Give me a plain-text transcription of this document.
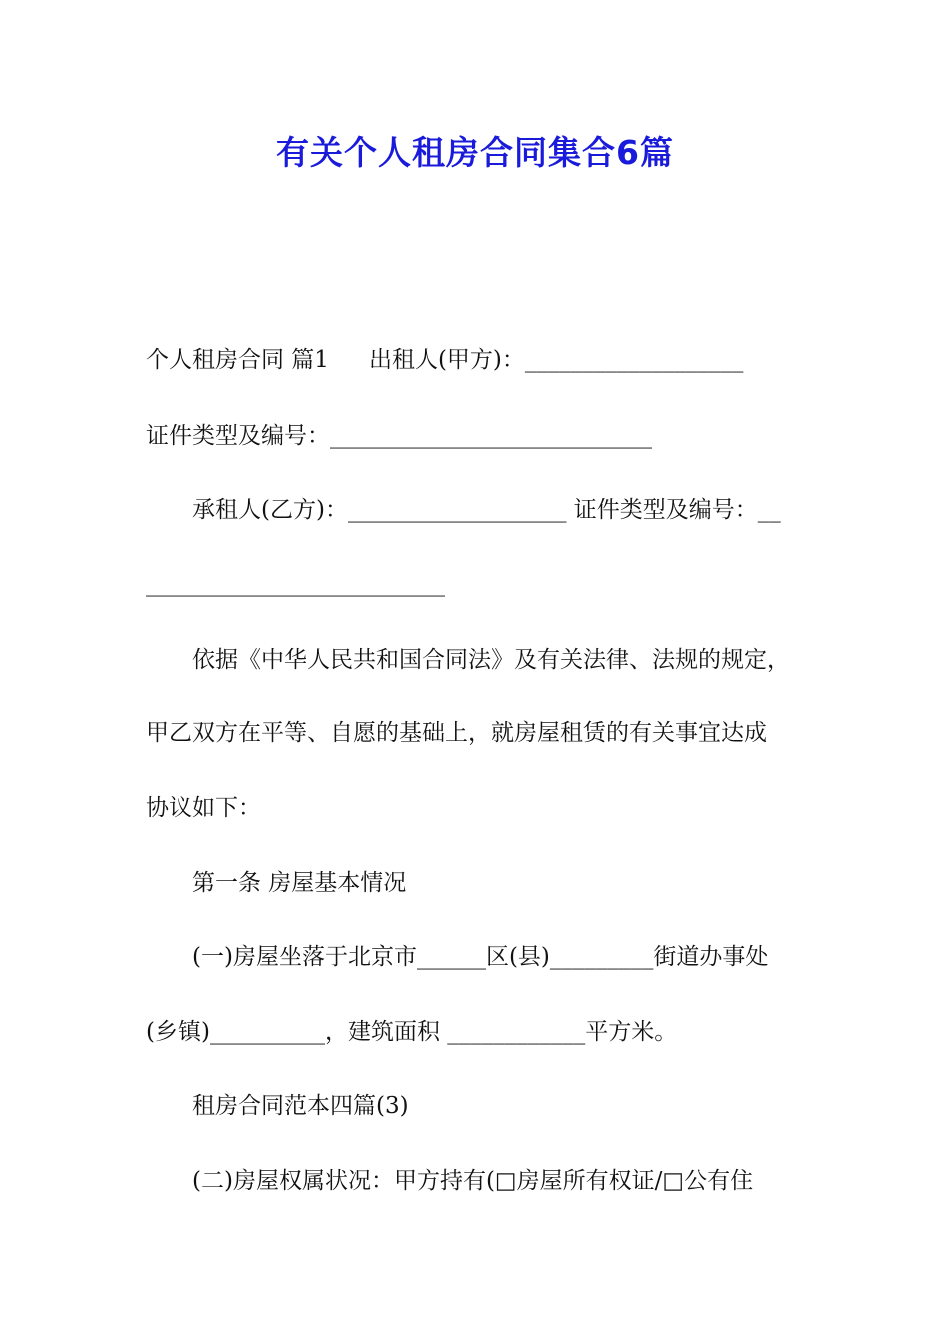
有关个人租房合同集合6篇
个人租房合同 篇1 出租人(甲方)：___________________
证件类型及编号：____________________________
承租人(乙方)：___________________ 证件类型及编号：__
__________________________
依据《中华人民共和国合同法》及有关法律、法规的规定，
甲乙双方在平等、自愿的基础上，就房屋租赁的有关事宜达成
协议如下：
第一条 房屋基本情况
(一)房屋坐落于北京市______区(县)_________街道办事处
(乡镇)__________，建筑面积 ____________平方米。
租房合同范本四篇(3)
(二)房屋权属状况：甲方持有(□房屋所有权证/□公有住
